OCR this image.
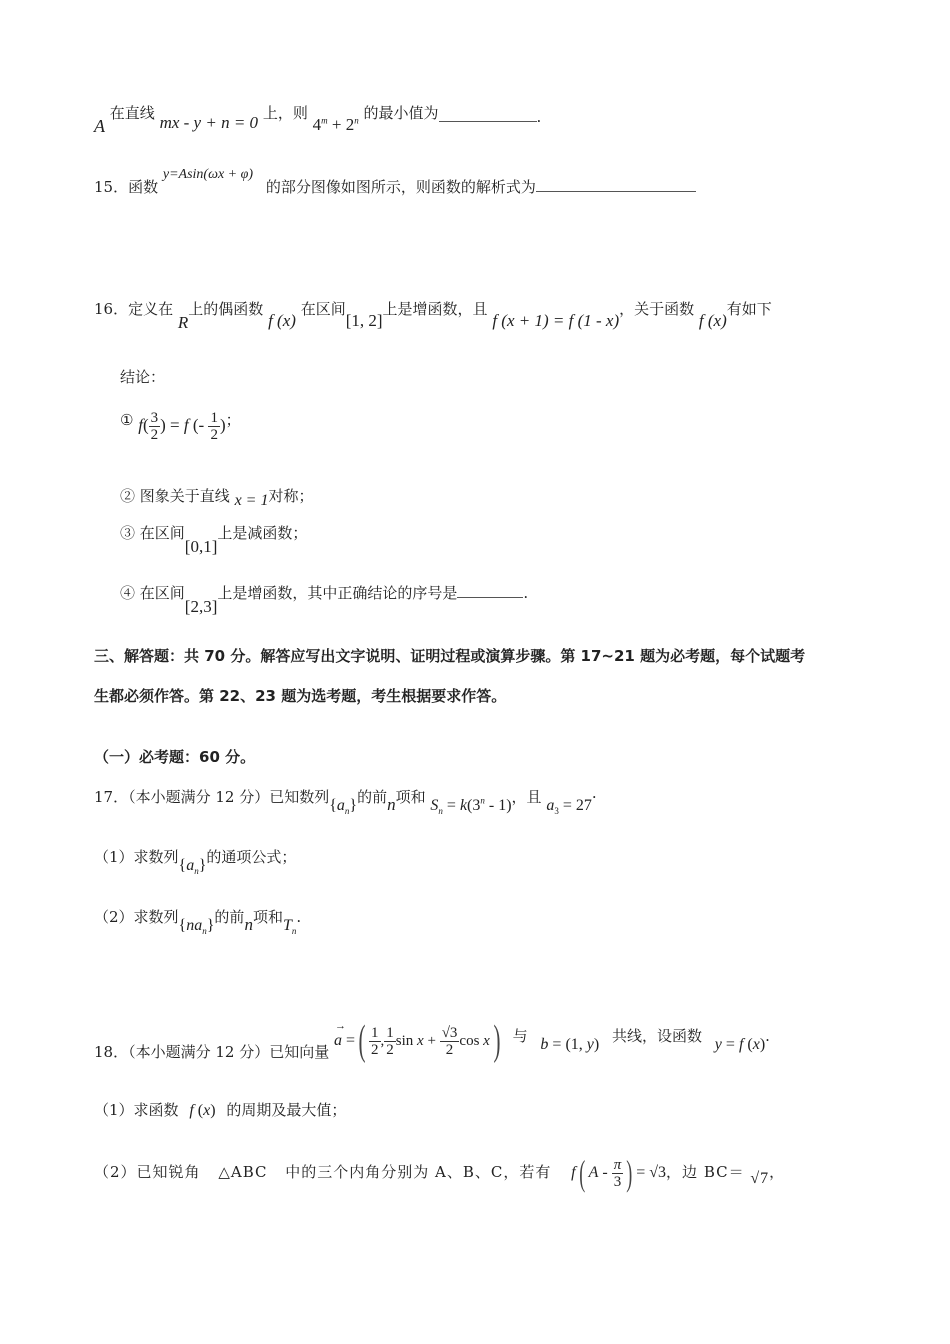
A 在直线 mx - y + n = 0 上，则 $4^m + 2^n$ 的最小值为	.
15．函数 y=Asin(ωx + φ) 的部分图像如图所示，则函数的解析式为
16．定义在 R上的偶函数 f (x) 在区间[1, 2]上是增函数，且 f (x + 1) = f (1 - x)，关于函数 f (x)有如下
结论：
① $f( \frac{3}{2}$ ) = f (- $\frac{1}{2}$ )；
② 图象关于直线 x = 1对称；
③ 在区间[0,1]上是减函数；
④ 在区间[2,3]上是增函数，其中正确结论的序号是	.
三、解答题：共 70 分。解答应写出文字说明、证明过程或演算步骤。第 17~21 题为必考题，每个试题考
生都必须作答。第 22、23 题为选考题，考生根据要求作答。
（一）必考题：60 分。
17．（本小题满分 12 分）已知数列$\{a_n\}$的前n项和 $S_n = k(3^n - 1)$，且 $a_3 = 27\cdot$
（1）求数列$\{a_n\}$的通项公式；
（2）求数列$\{na_n\}$的前n项和$T_n$.
18．（本小题满分 12 分）已知向量
→
a =( $\frac{1}{2}$ , $\frac{1}{2}$ $\sin x + \frac{√3}{2}$ cos x) 与 b = (1, y) 共线，设函数 y = f (x)·
（1）求函数 f (x) 的周期及最大值；
（2）已知锐角 △ABC 中的三个内角分别为 A、B、C，若有 f( A - $\frac{\pi}{3}$ ) = √3，边 BC＝ √7，
